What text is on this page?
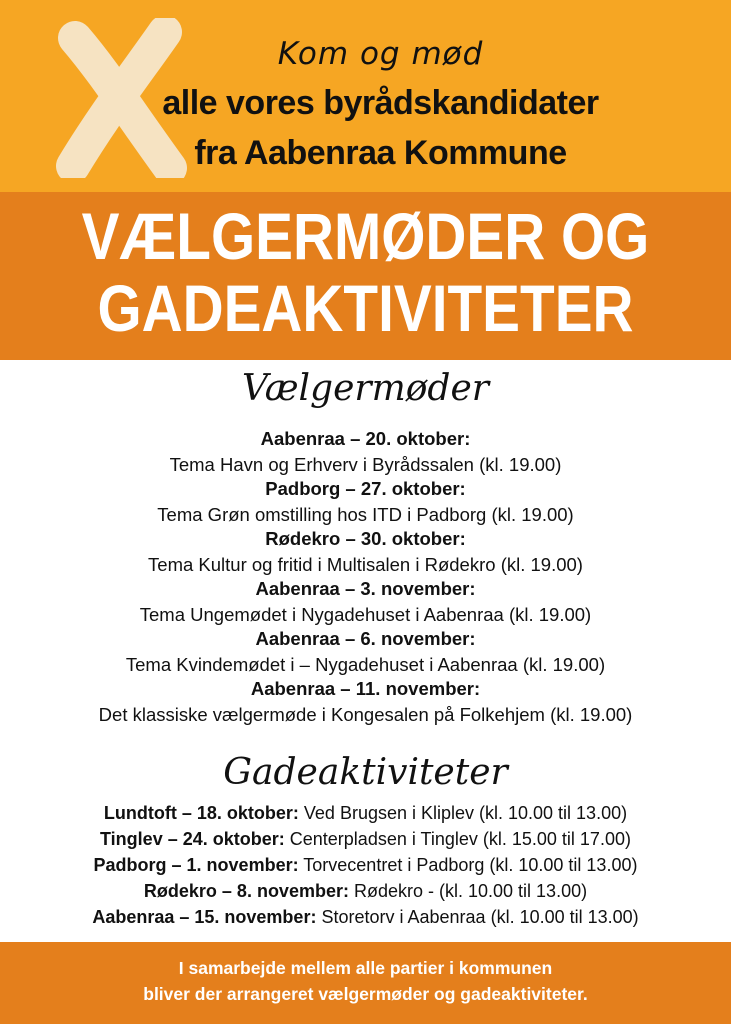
Kom og mød
alle vores byrådskandidater
fra Aabenraa Kommune
VÆLGERMØDER OG
GADEAKTIVITETER
Vælgermøder
Aabenraa – 20. oktober:
Tema Havn og Erhverv i Byrådssalen (kl. 19.00)
Padborg – 27. oktober:
Tema Grøn omstilling hos ITD i Padborg (kl. 19.00)
Rødekro – 30. oktober:
Tema Kultur og fritid i Multisalen i Rødekro (kl. 19.00)
Aabenraa – 3. november:
Tema Ungemødet i Nygadehuset i Aabenraa (kl. 19.00)
Aabenraa – 6. november:
Tema Kvindemødet i – Nygadehuset i Aabenraa (kl. 19.00)
Aabenraa – 11. november:
Det klassiske vælgermøde i Kongesalen på Folkehjem (kl. 19.00)
Gadeaktiviteter
Lundtoft – 18. oktober: Ved Brugsen i Kliplev (kl. 10.00 til 13.00)
Tinglev – 24. oktober: Centerpladsen i Tinglev (kl. 15.00 til 17.00)
Padborg – 1. november: Torvecentret i Padborg (kl. 10.00 til 13.00)
Rødekro – 8. november: Rødekro - (kl. 10.00 til 13.00)
Aabenraa – 15. november: Storetorv i Aabenraa (kl. 10.00 til 13.00)
I samarbejde mellem alle partier i kommunen
bliver der arrangeret vælgermøder og gadeaktiviteter.
